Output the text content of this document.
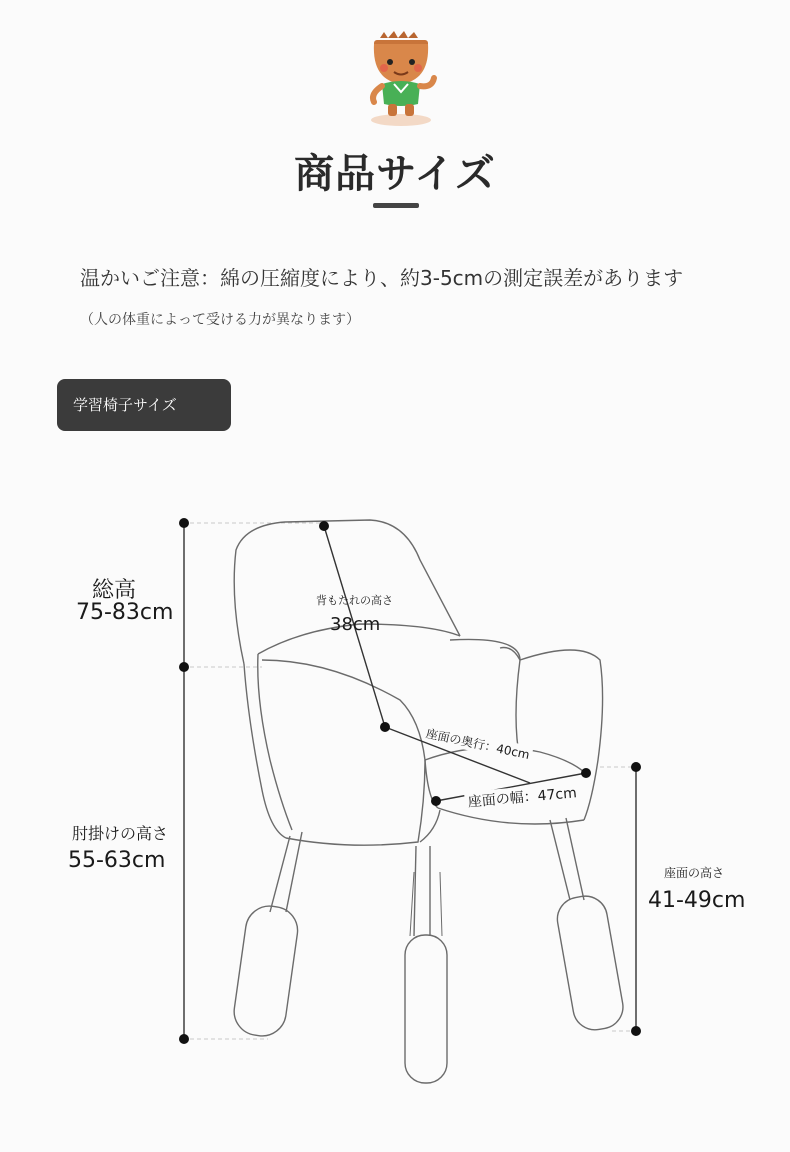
商品サイズ
温かいご注意：綿の圧縮度により、約3-5cmの測定誤差があります
（人の体重によって受ける力が異なります）
学習椅子サイズ
総高
75-83cm
肘掛けの高さ
55-63cm	座面の高さ
41-49cm
背もたれの高さ
38cm
座面の奥行：40cm
座面の幅：47cm
